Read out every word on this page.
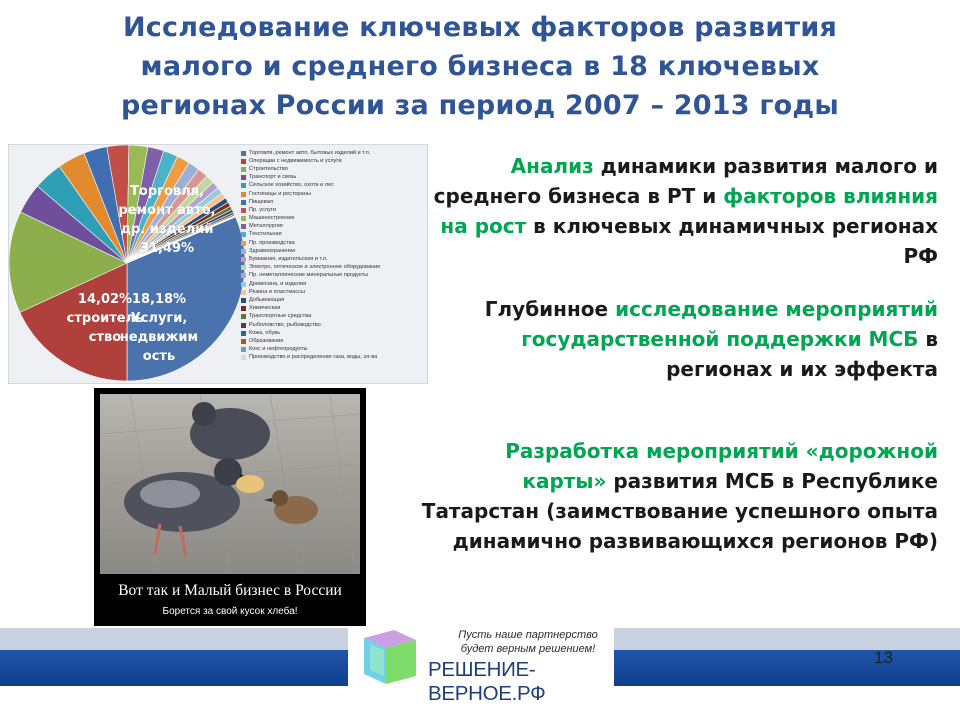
Исследование ключевых факторов развития
малого и среднего бизнеса в 18 ключевых
регионах России за период 2007 – 2013 годы
Торговля,
ремонт авто,
др. изделий
31,49%
18,18%
Услуги,
недвижим
ость
14,02%
строитель
ство
Торговля, ремонт авто, бытовых изделий и т.п.
Операции с недвижимость и услуги
Строительство
Транспорт и связь
Сельское хозяйство, охота и лес
Гостиницы и рестораны
Пищевая
Пр. услуги
Машиностроение
Металлургия
Текстильная
Пр. производства
Здравоохранение
Бумажная, издательская и т.п.
Электро, оптическое и электронное оборудование
Пр. неметаллические минеральные продукты
Древесина, и изделия
Резина и пластмассы
Добывающая
Химическая
Транспортные средства
Рыболовство, рыбоводство
Кожа, обувь
Образование
Кокс и нефтепродукты
Производство и распределение газа, воды, эл-ва
Анализ динамики развития малого и среднего бизнеса в РТ и факторов влияния на рост в ключевых динамичных регионах РФ
Глубинное исследование мероприятий государственной поддержки МСБ в регионах и их эффекта
Разработка мероприятий «дорожной карты» развития МСБ в Республике Татарстан (заимствование успешного опыта динамично развивающихся регионов РФ)
Вот так и Малый бизнес в России
Борется за свой кусок хлеба!
Пусть наше партнерство будет верным решением!
РЕШЕНИЕ-ВЕРНОЕ.РФ
13
